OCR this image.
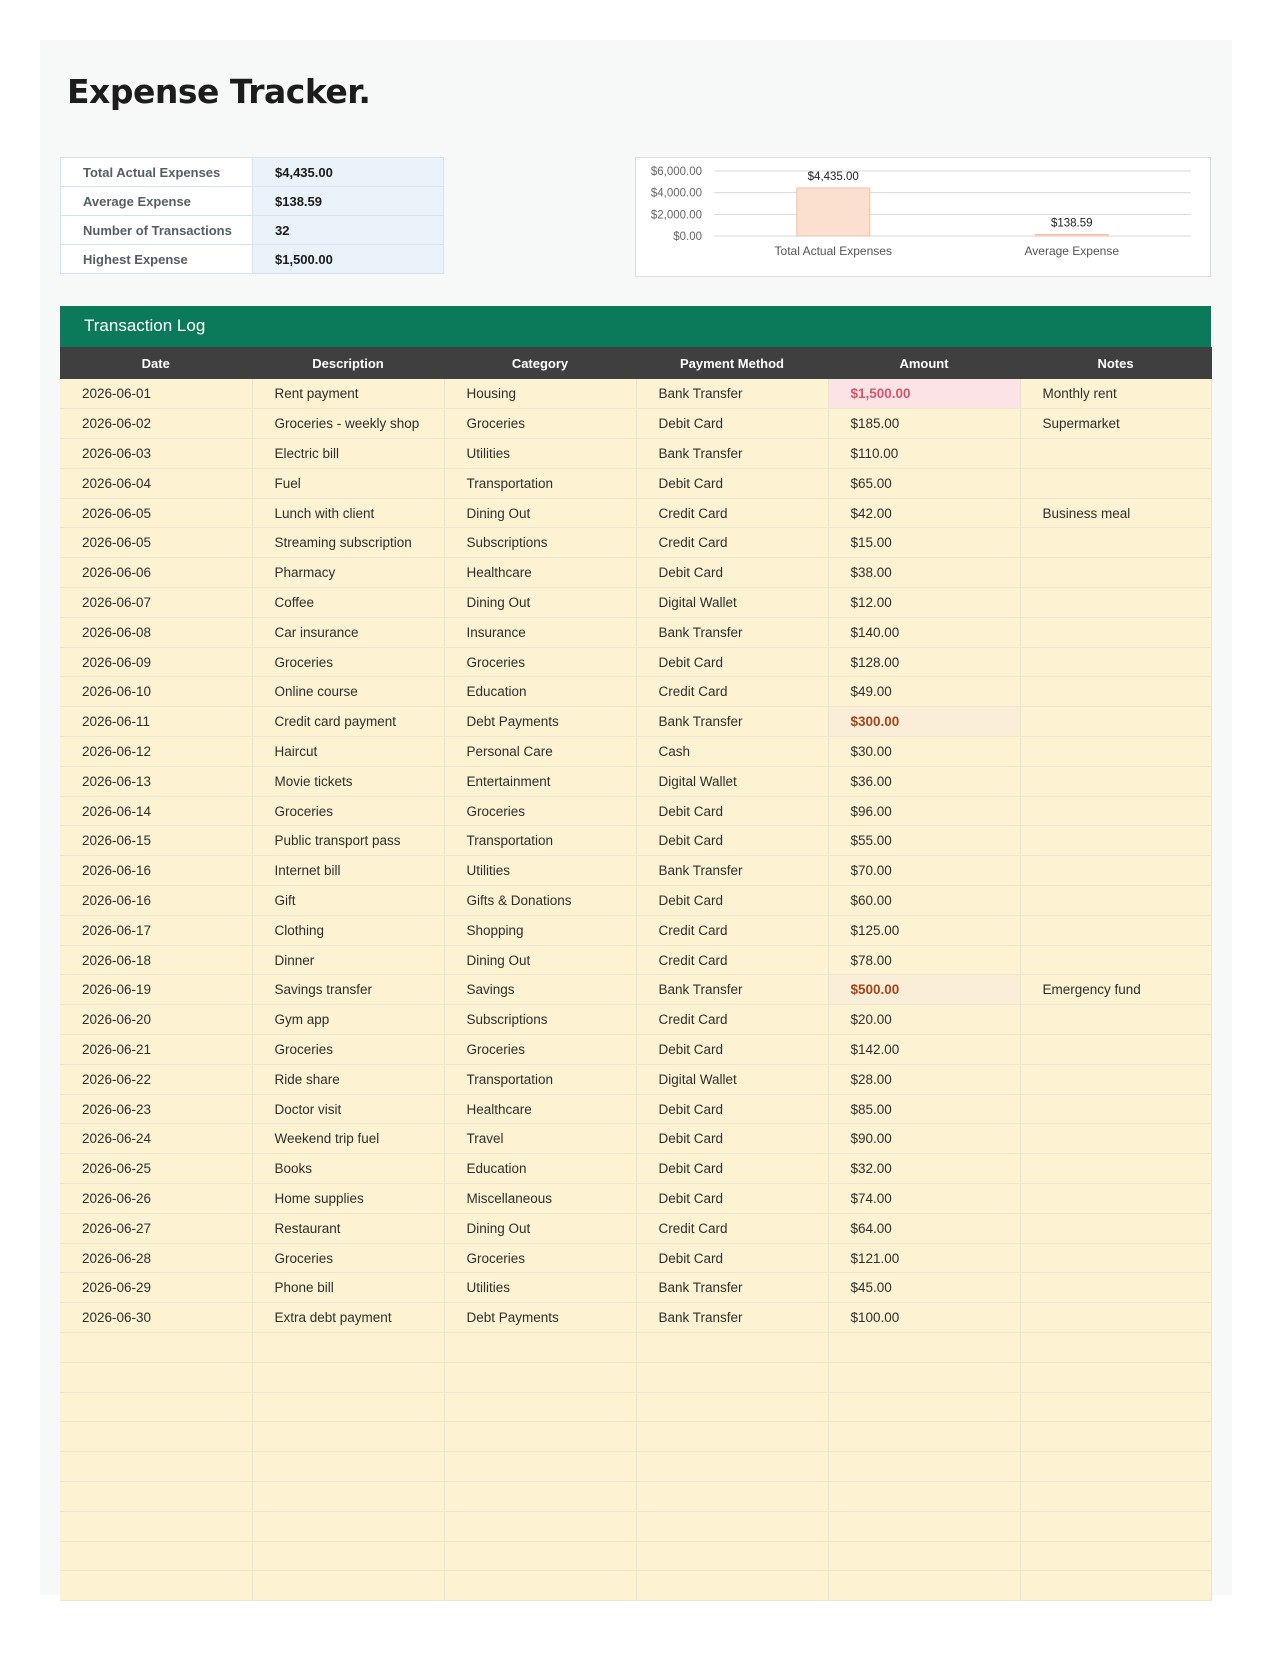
Expense Tracker.
Total Actual Expenses	$4,435.00
Average Expense	$138.59
Number of Transactions	32
Highest Expense	$1,500.00
$0.00
$2,000.00
$4,000.00
$6,000.00	$4,435.00
Total Actual Expenses
$138.59
Average Expense
Transaction Log
Date	Description	Category	Payment Method	Amount	Notes
2026-06-01	Rent payment	Housing	Bank Transfer	$1,500.00	Monthly rent
2026-06-02	Groceries - weekly shop	Groceries	Debit Card	$185.00	Supermarket
2026-06-03	Electric bill	Utilities	Bank Transfer	$110.00	
2026-06-04	Fuel	Transportation	Debit Card	$65.00	
2026-06-05	Lunch with client	Dining Out	Credit Card	$42.00	Business meal
2026-06-05	Streaming subscription	Subscriptions	Credit Card	$15.00	
2026-06-06	Pharmacy	Healthcare	Debit Card	$38.00	
2026-06-07	Coffee	Dining Out	Digital Wallet	$12.00	
2026-06-08	Car insurance	Insurance	Bank Transfer	$140.00	
2026-06-09	Groceries	Groceries	Debit Card	$128.00	
2026-06-10	Online course	Education	Credit Card	$49.00	
2026-06-11	Credit card payment	Debt Payments	Bank Transfer	$300.00	
2026-06-12	Haircut	Personal Care	Cash	$30.00	
2026-06-13	Movie tickets	Entertainment	Digital Wallet	$36.00	
2026-06-14	Groceries	Groceries	Debit Card	$96.00	
2026-06-15	Public transport pass	Transportation	Debit Card	$55.00	
2026-06-16	Internet bill	Utilities	Bank Transfer	$70.00	
2026-06-16	Gift	Gifts & Donations	Debit Card	$60.00	
2026-06-17	Clothing	Shopping	Credit Card	$125.00	
2026-06-18	Dinner	Dining Out	Credit Card	$78.00	
2026-06-19	Savings transfer	Savings	Bank Transfer	$500.00	Emergency fund
2026-06-20	Gym app	Subscriptions	Credit Card	$20.00	
2026-06-21	Groceries	Groceries	Debit Card	$142.00	
2026-06-22	Ride share	Transportation	Digital Wallet	$28.00	
2026-06-23	Doctor visit	Healthcare	Debit Card	$85.00	
2026-06-24	Weekend trip fuel	Travel	Debit Card	$90.00	
2026-06-25	Books	Education	Debit Card	$32.00	
2026-06-26	Home supplies	Miscellaneous	Debit Card	$74.00	
2026-06-27	Restaurant	Dining Out	Credit Card	$64.00	
2026-06-28	Groceries	Groceries	Debit Card	$121.00	
2026-06-29	Phone bill	Utilities	Bank Transfer	$45.00	
2026-06-30	Extra debt payment	Debt Payments	Bank Transfer	$100.00	
